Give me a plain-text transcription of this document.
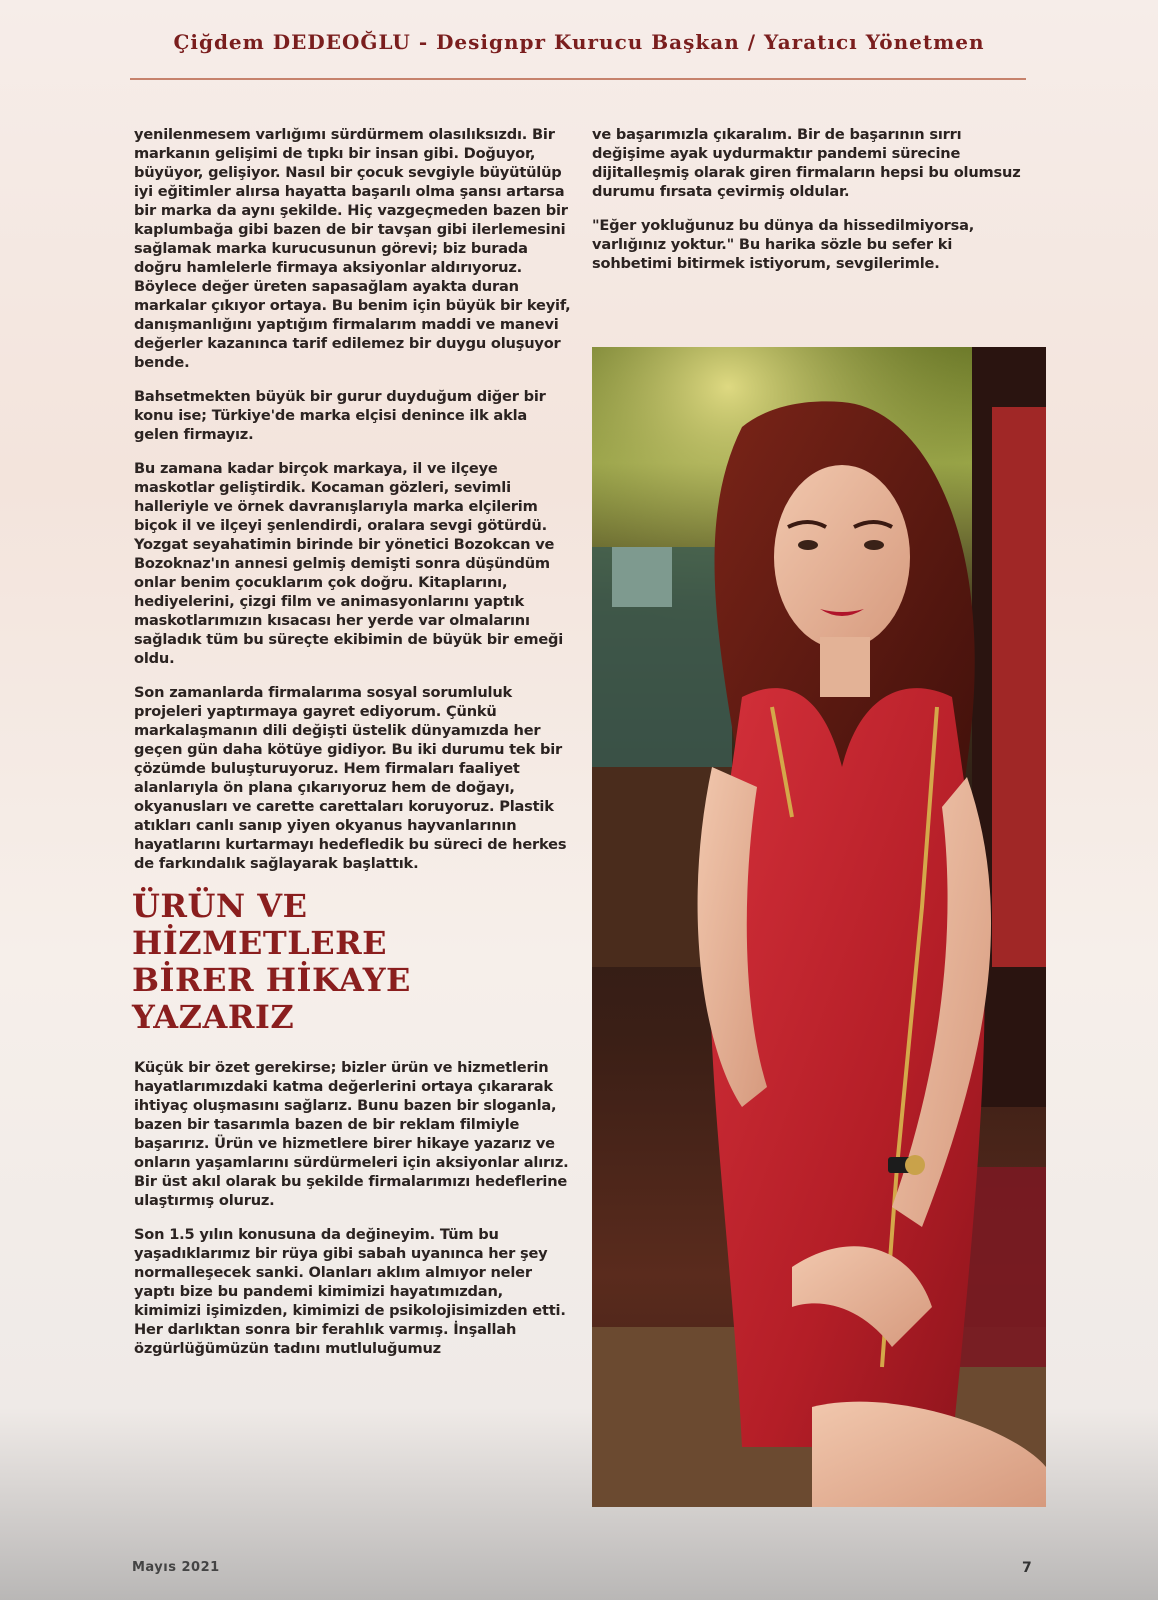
Çiğdem DEDEOĞLU - Designpr Kurucu Başkan / Yaratıcı Yönetmen

yenilenmesem varlığımı sürdürmem olasılıksızdı. Bir markanın gelişimi de tıpkı bir insan gibi. Doğuyor, büyüyor, gelişiyor. Nasıl bir çocuk sevgiyle büyütülüp iyi eğitimler alırsa hayatta başarılı olma şansı artarsa bir marka da aynı şekilde. Hiç vazgeçmeden bazen bir kaplumbağa gibi bazen de bir tavşan gibi ilerlemesini sağlamak marka kurucusunun görevi; biz burada doğru hamlelerle firmaya aksiyonlar aldırıyoruz. Böylece değer üreten sapasağlam ayakta duran markalar çıkıyor ortaya. Bu benim için büyük bir keyif, danışmanlığını yaptığım firmalarım maddi ve manevi değerler kazanınca tarif edilemez bir duygu oluşuyor bende.

Bahsetmekten büyük bir gurur duyduğum diğer bir konu ise; Türkiye'de marka elçisi denince ilk akla gelen firmayız.

Bu zamana kadar birçok markaya, il ve ilçeye maskotlar geliştirdik. Kocaman gözleri, sevimli halleriyle ve örnek davranışlarıyla marka elçilerim biçok il ve ilçeyi şenlendirdi, oralara sevgi götürdü. Yozgat seyahatimin birinde bir yönetici Bozokcan ve Bozoknaz'ın annesi gelmiş demişti sonra düşündüm onlar benim çocuklarım çok doğru. Kitaplarını, hediyelerini, çizgi film ve animasyonlarını yaptık maskotlarımızın kısacası her yerde var olmalarını sağladık tüm bu süreçte ekibimin de büyük bir emeği oldu.

Son zamanlarda firmalarıma sosyal sorumluluk projeleri yaptırmaya gayret ediyorum. Çünkü markalaşmanın dili değişti üstelik dünyamızda her geçen gün daha kötüye gidiyor. Bu iki durumu tek bir çözümde buluşturuyoruz. Hem firmaları faaliyet alanlarıyla ön plana çıkarıyoruz hem de doğayı, okyanusları ve carette carettaları koruyoruz. Plastik atıkları canlı sanıp yiyen okyanus hayvanlarının hayatlarını kurtarmayı hedefledik bu süreci de herkes de farkındalık sağlayarak başlattık.

ÜRÜN VE HİZMETLERE
BİRER HİKAYE YAZARIZ

Küçük bir özet gerekirse; bizler ürün ve hizmetlerin hayatlarımızdaki katma değerlerini ortaya çıkararak ihtiyaç oluşmasını sağlarız. Bunu bazen bir sloganla, bazen bir tasarımla bazen de bir reklam filmiyle başarırız. Ürün ve hizmetlere birer hikaye yazarız ve onların yaşamlarını sürdürmeleri için aksiyonlar alırız. Bir üst akıl olarak bu şekilde firmalarımızı hedeflerine ulaştırmış oluruz.

Son 1.5 yılın konusuna da değineyim. Tüm bu yaşadıklarımız bir rüya gibi sabah uyanınca her şey normalleşecek sanki. Olanları aklım almıyor neler yaptı bize bu pandemi kimimizi hayatımızdan, kimimizi işimizden, kimimizi de psikolojisimizden etti. Her darlıktan sonra bir ferahlık varmış. İnşallah özgürlüğümüzün tadını mutluluğumuz

ve başarımızla çıkaralım. Bir de başarının sırrı değişime ayak uydurmaktır pandemi sürecine dijitalleşmiş olarak giren firmaların hepsi bu olumsuz durumu fırsata çevirmiş oldular.

"Eğer yokluğunuz bu dünya da hissedilmiyorsa, varlığınız yoktur." Bu harika sözle bu sefer ki sohbetimi bitirmek istiyorum, sevgilerimle.

Mayıs 2021	7
